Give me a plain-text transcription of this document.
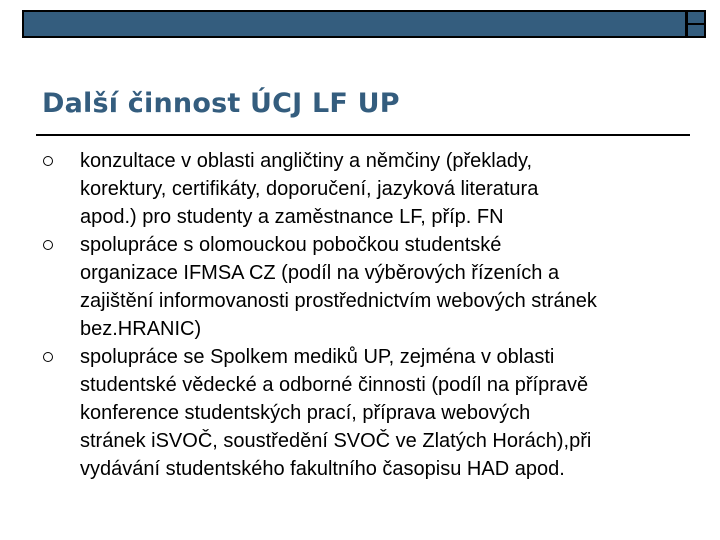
Další činnost ÚCJ LF UP
konzultace v oblasti angličtiny a němčiny (překlady,
korektury, certifikáty, doporučení, jazyková literatura
apod.) pro studenty a zaměstnance LF, příp. FN
spolupráce s olomouckou pobočkou studentské
organizace IFMSA CZ (podíl na výběrových řízeních a
zajištění informovanosti prostřednictvím webových stránek
bez.HRANIC)
spolupráce se Spolkem mediků UP, zejména v oblasti
studentské vědecké a odborné činnosti (podíl na přípravě
konference studentských prací, příprava webových
stránek iSVOČ, soustředění SVOČ ve Zlatých Horách),při
vydávání studentského fakultního časopisu HAD apod.
